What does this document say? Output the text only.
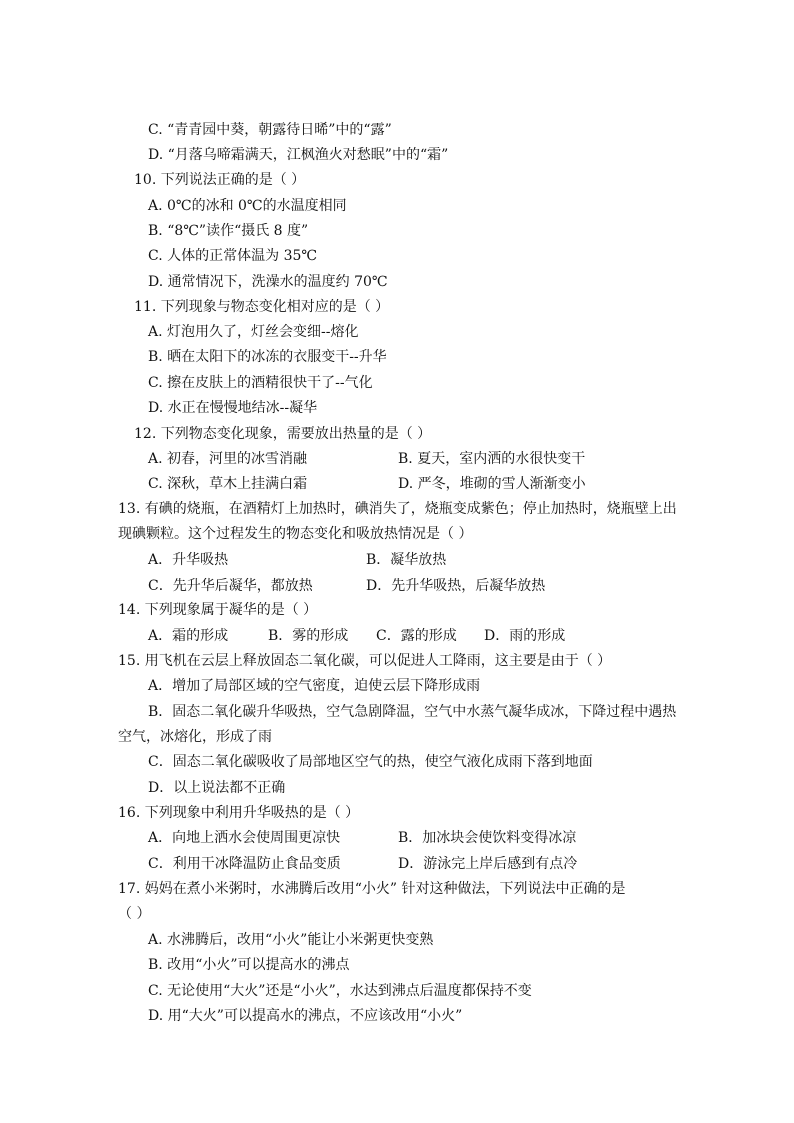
C. “青青园中葵，朝露待日晞”中的“露”
D. “月落乌啼霜满天，江枫渔火对愁眠”中的“霜”
10. 下列说法正确的是（ ）
A. 0℃的冰和 0℃的水温度相同
B. “8℃”读作“摄氏 8 度”
C. 人体的正常体温为 35℃
D. 通常情况下，洗澡水的温度约 70℃
11. 下列现象与物态变化相对应的是（ ）
A. 灯泡用久了，灯丝会变细--熔化
B. 晒在太阳下的冰冻的衣服变干--升华
C. 擦在皮肤上的酒精很快干了--气化
D. 水正在慢慢地结冰--凝华
12. 下列物态变化现象，需要放出热量的是（ ）
A. 初春，河里的冰雪消融	B. 夏天，室内洒的水很快变干
C. 深秋，草木上挂满白霜	D. 严冬，堆砌的雪人渐渐变小
13. 有碘的烧瓶，在酒精灯上加热时，碘消失了，烧瓶变成紫色；停止加热时，烧瓶壁上出
现碘颗粒。这个过程发生的物态变化和吸放热情况是（ ）
A．升华吸热	B．凝华放热
C．先升华后凝华，都放热	D．先升华吸热，后凝华放热
14. 下列现象属于凝华的是（ ）
A．霜的形成	B．雾的形成 C．露的形成 D．雨的形成
15. 用飞机在云层上释放固态二氧化碳，可以促进人工降雨，这主要是由于（ ）
A．增加了局部区域的空气密度，迫使云层下降形成雨
B．固态二氧化碳升华吸热，空气急剧降温，空气中水蒸气凝华成冰，下降过程中遇热
空气，冰熔化，形成了雨
C．固态二氧化碳吸收了局部地区空气的热，使空气液化成雨下落到地面
D．以上说法都不正确
16. 下列现象中利用升华吸热的是（ ）
A．向地上洒水会使周围更凉快	B．加冰块会使饮料变得冰凉
C．利用干冰降温防止食品变质	D．游泳完上岸后感到有点冷
17. 妈妈在煮小米粥时，水沸腾后改用“小火” 针对这种做法，下列说法中正确的是
（ ）
A. 水沸腾后，改用“小火”能让小米粥更快变熟
B. 改用“小火”可以提高水的沸点
C. 无论使用“大火”还是“小火”，水达到沸点后温度都保持不变
D. 用“大火”可以提高水的沸点，不应该改用“小火”
